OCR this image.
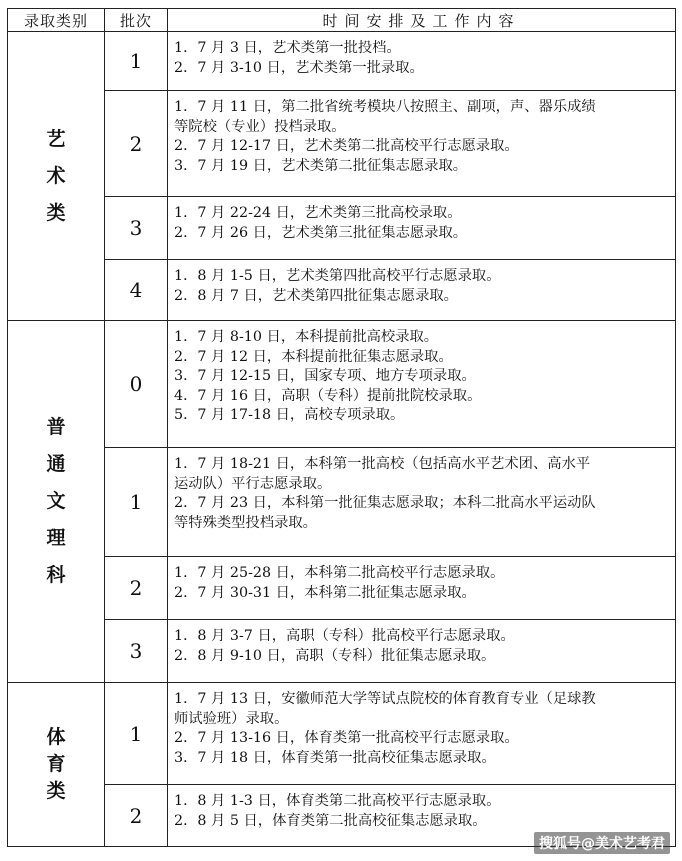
录取类别	批次	时间安排及工作内容

艺
术
类	1	1．7 月 3 日，艺术类第一批投档。
2．7 月 3-10 日，艺术类第一批录取。

	2	1．7 月 11 日，第二批省统考模块八按照主、副项，声、器乐成绩
等院校（专业）投档录取。
2．7 月 12-17 日，艺术类第二批高校平行志愿录取。
3．7 月 19 日，艺术类第二批征集志愿录取。

	3	1．7 月 22-24 日，艺术类第三批高校录取。
2．7 月 26 日，艺术类第三批征集志愿录取。

	4	1．8 月 1-5 日，艺术类第四批高校平行志愿录取。
2．8 月 7 日，艺术类第四批征集志愿录取。

普
通
文
理
科	0	1．7 月 8-10 日，本科提前批高校录取。
2．7 月 12 日，本科提前批征集志愿录取。
3．7 月 12-15 日，国家专项、地方专项录取。
4．7 月 16 日，高职（专科）提前批院校录取。
5．7 月 17-18 日，高校专项录取。

	1	1．7 月 18-21 日，本科第一批高校（包括高水平艺术团、高水平
运动队）平行志愿录取。
2．7 月 23 日，本科第一批征集志愿录取；本科二批高水平运动队
等特殊类型投档录取。

	2	1．7 月 25-28 日，本科第二批高校平行志愿录取。
2．7 月 30-31 日，本科第二批征集志愿录取。

	3	1．8 月 3-7 日，高职（专科）批高校平行志愿录取。
2．8 月 9-10 日，高职（专科）批征集志愿录取。

体
育
类	1	1．7 月 13 日，安徽师范大学等试点院校的体育教育专业（足球教
师试验班）录取。
2．7 月 13-16 日，体育类第一批高校平行志愿录取。
3．7 月 18 日，体育类第一批高校征集志愿录取。

	2	1．8 月 1-3 日，体育类第二批高校平行志愿录取。
2．8 月 5 日，体育类第二批高校征集志愿录取。
搜狐号@美术艺考君
